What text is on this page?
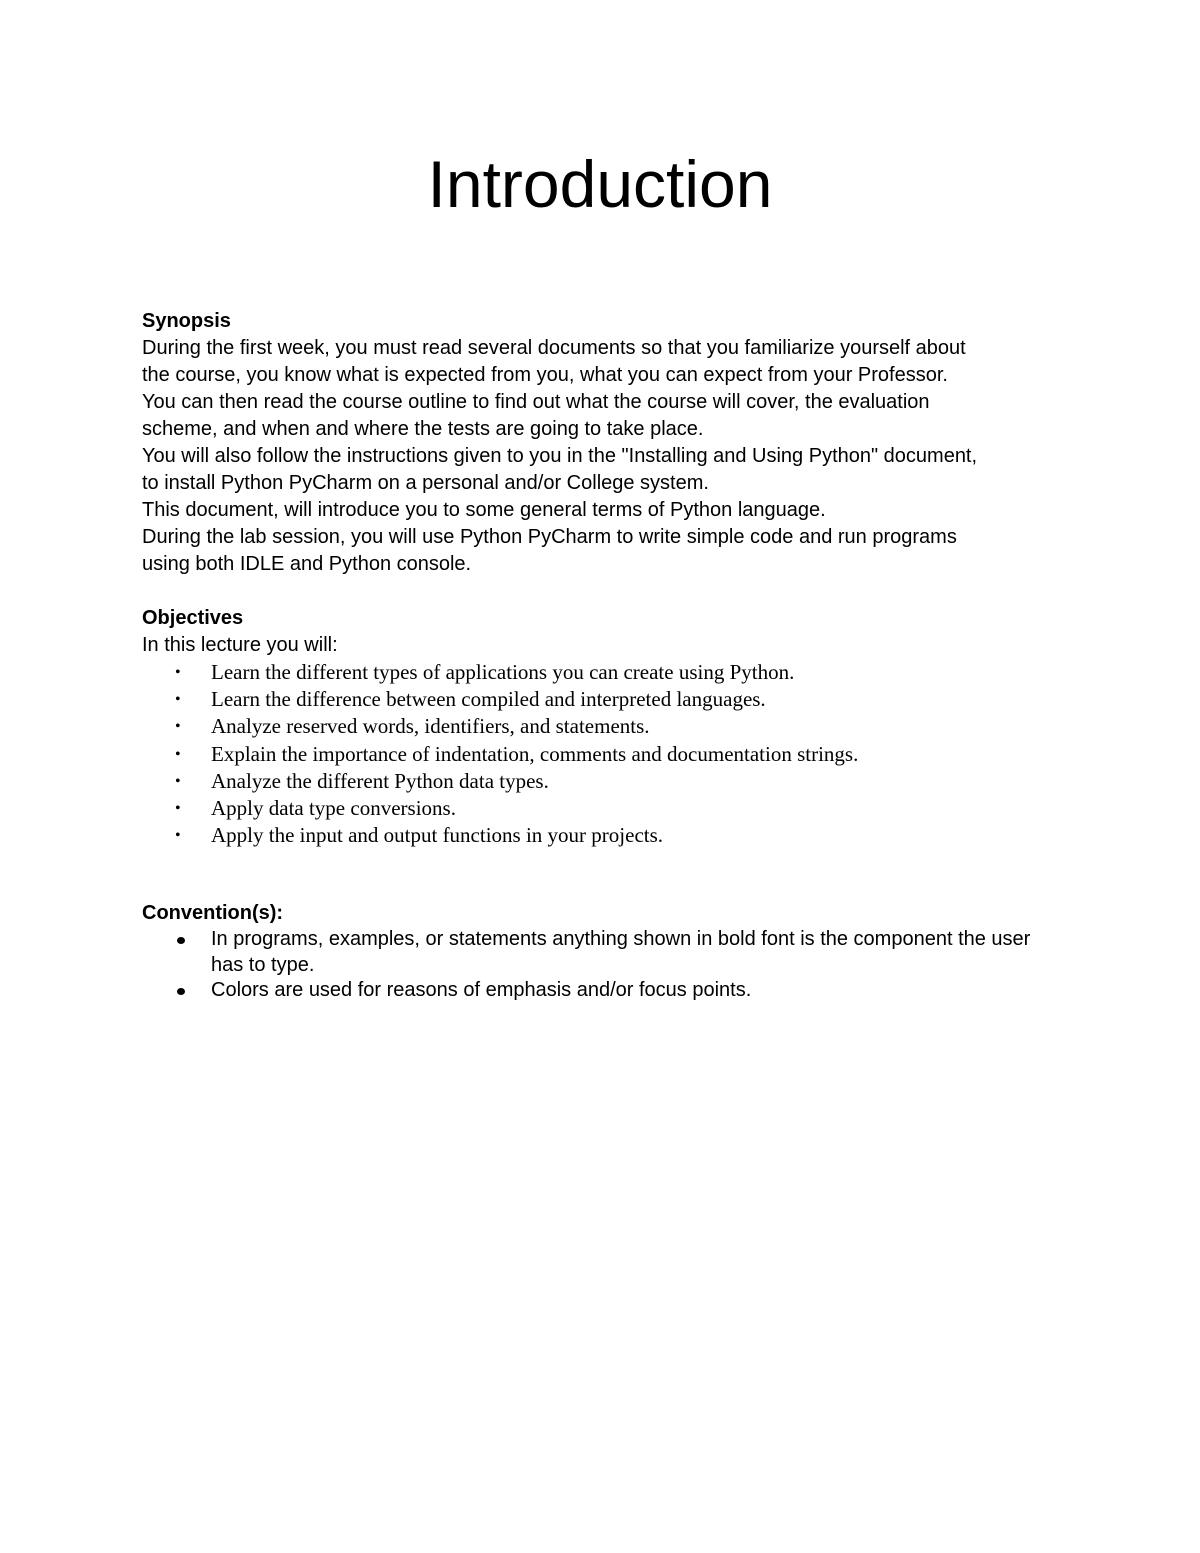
Introduction

Synopsis

During the first week, you must read several documents so that you familiarize yourself about

the course, you know what is expected from you, what you can expect from your Professor.

You can then read the course outline to find out what the course will cover, the evaluation

scheme, and when and where the tests are going to take place.

You will also follow the instructions given to you in the "Installing and Using Python" document,

to install Python PyCharm on a personal and/or College system.

This document, will introduce you to some general terms of Python language.

During the lab session, you will use Python PyCharm to write simple code and run programs

using both IDLE and Python console.

Objectives

In this lecture you will:

• Learn the different types of applications you can create using Python.
• Learn the difference between compiled and interpreted languages.
• Analyze reserved words, identifiers, and statements.
• Explain the importance of indentation, comments and documentation strings.
• Analyze the different Python data types.
• Apply data type conversions.
• Apply the input and output functions in your projects.

Convention(s):

In programs, examples, or statements anything shown in bold font is the component the user has to type.
Colors are used for reasons of emphasis and/or focus points.
